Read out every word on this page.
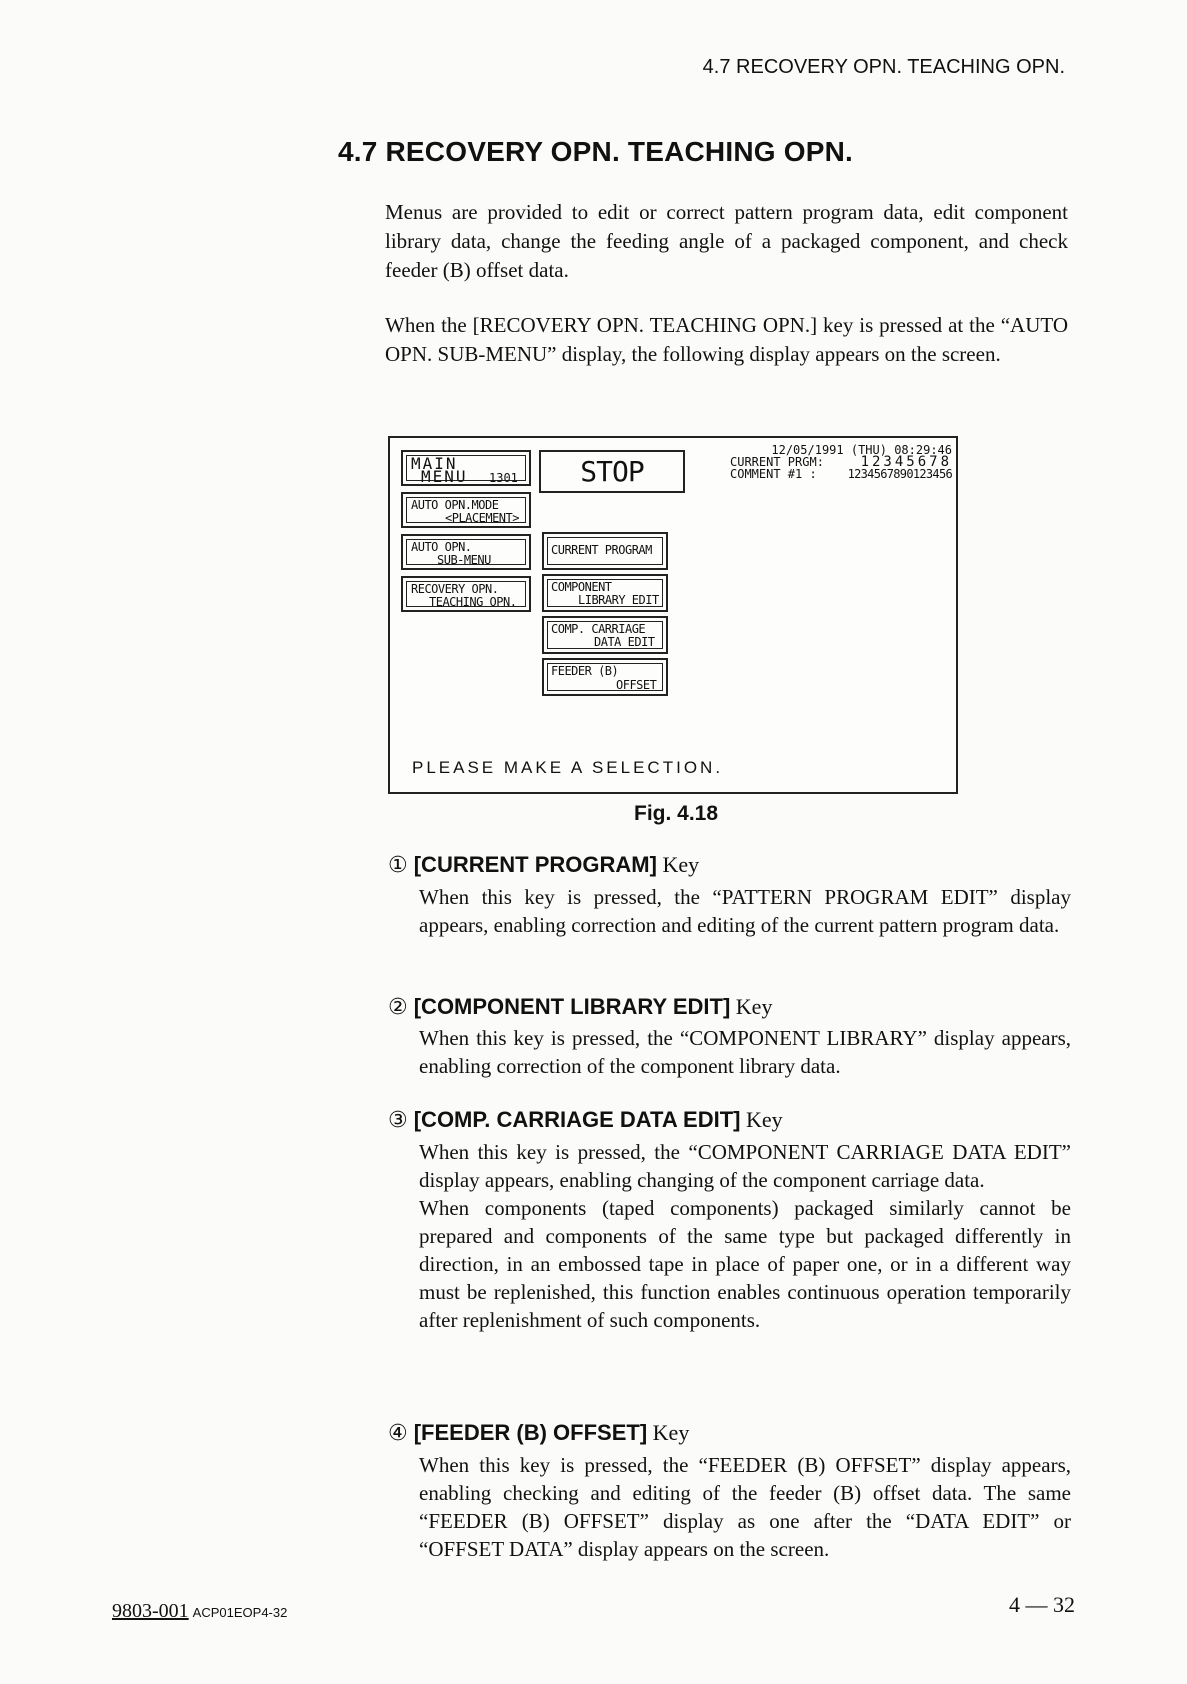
4.7 RECOVERY OPN. TEACHING OPN.
4.7 RECOVERY OPN. TEACHING OPN.

Menus are provided to edit or correct pattern program data, edit component library data, change the feeding angle of a packaged component, and check feeder (B) offset data.

When the [RECOVERY OPN. TEACHING OPN.] key is pressed at the “AUTO OPN. SUB-MENU” display, the following display appears on the screen.

MAIN
MENU 1301	STOP
12/05/1991 (THU) 08:29:46
CURRENT PRGM:	12345678
COMMENT #1 :	1234567890123456
AUTO OPN.MODE
<PLACEMENT>
AUTO OPN.
SUB-MENU
RECOVERY OPN.
TEACHING OPN.
CURRENT PROGRAM
COMPONENT
LIBRARY EDIT
COMP. CARRIAGE
DATA EDIT
FEEDER (B)
OFFSET
PLEASE MAKE A SELECTION.
Fig. 4.18
① [CURRENT PROGRAM] Key

When this key is pressed, the “PATTERN PROGRAM EDIT” display appears, enabling correction and editing of the current pattern program data.

② [COMPONENT LIBRARY EDIT] Key

When this key is pressed, the “COMPONENT LIBRARY” display appears, enabling correction of the component library data.

③ [COMP. CARRIAGE DATA EDIT] Key

When this key is pressed, the “COMPONENT CARRIAGE DATA EDIT” display appears, enabling changing of the component carriage data.

When components (taped components) packaged similarly cannot be prepared and components of the same type but packaged differently in direction, in an embossed tape in place of paper one, or in a different way must be replenished, this function enables continuous operation temporarily after replenishment of such components.

④ [FEEDER (B) OFFSET] Key

When this key is pressed, the “FEEDER (B) OFFSET” display appears, enabling checking and editing of the feeder (B) offset data. The same “FEEDER (B) OFFSET” display as one after the “DATA EDIT” or “OFFSET DATA” display appears on the screen.

9803-001 ACP01EOP4-32	4 — 32
